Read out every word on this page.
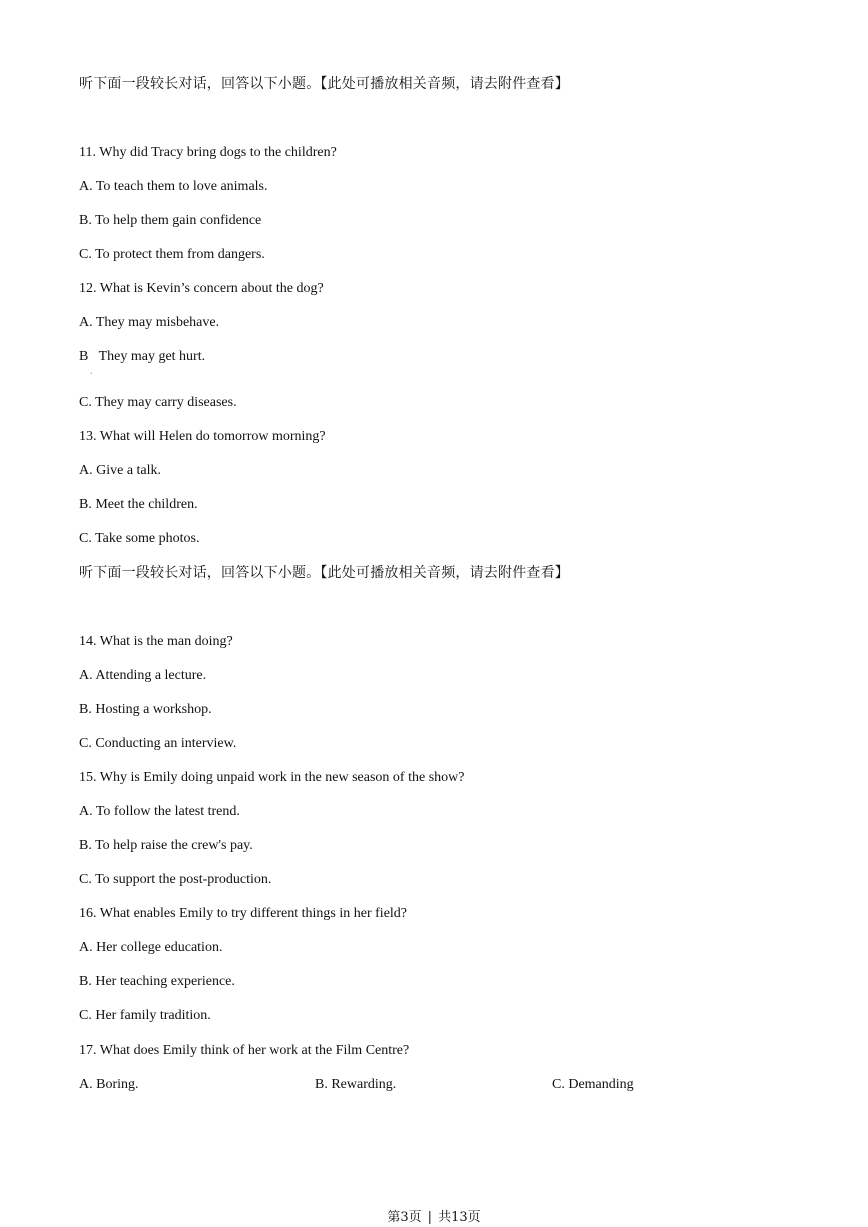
听下面一段较长对话，回答以下小题。【此处可播放相关音频，请去附件查看】
11. Why did Tracy bring dogs to the children?
A. To teach them to love animals.
B. To help them gain confidence
C. To protect them from dangers.
12. What is Kevin’s concern about the dog?
A. They may misbehave.
B   They may get hurt.
ˎ
C. They may carry diseases.
13. What will Helen do tomorrow morning?
A. Give a talk.
B. Meet the children.
C. Take some photos.
听下面一段较长对话，回答以下小题。【此处可播放相关音频，请去附件查看】
14. What is the man doing?
A. Attending a lecture.
B. Hosting a workshop.
C. Conducting an interview.
15. Why is Emily doing unpaid work in the new season of the show?
A. To follow the latest trend.
B. To help raise the crew's pay.
C. To support the post-production.
16. What enables Emily to try different things in her field?
A. Her college education.
B. Her teaching experience.
C. Her family tradition.
17. What does Emily think of her work at the Film Centre?
A. Boring.	B. Rewarding.	C. Demanding
第3页 | 共13页
